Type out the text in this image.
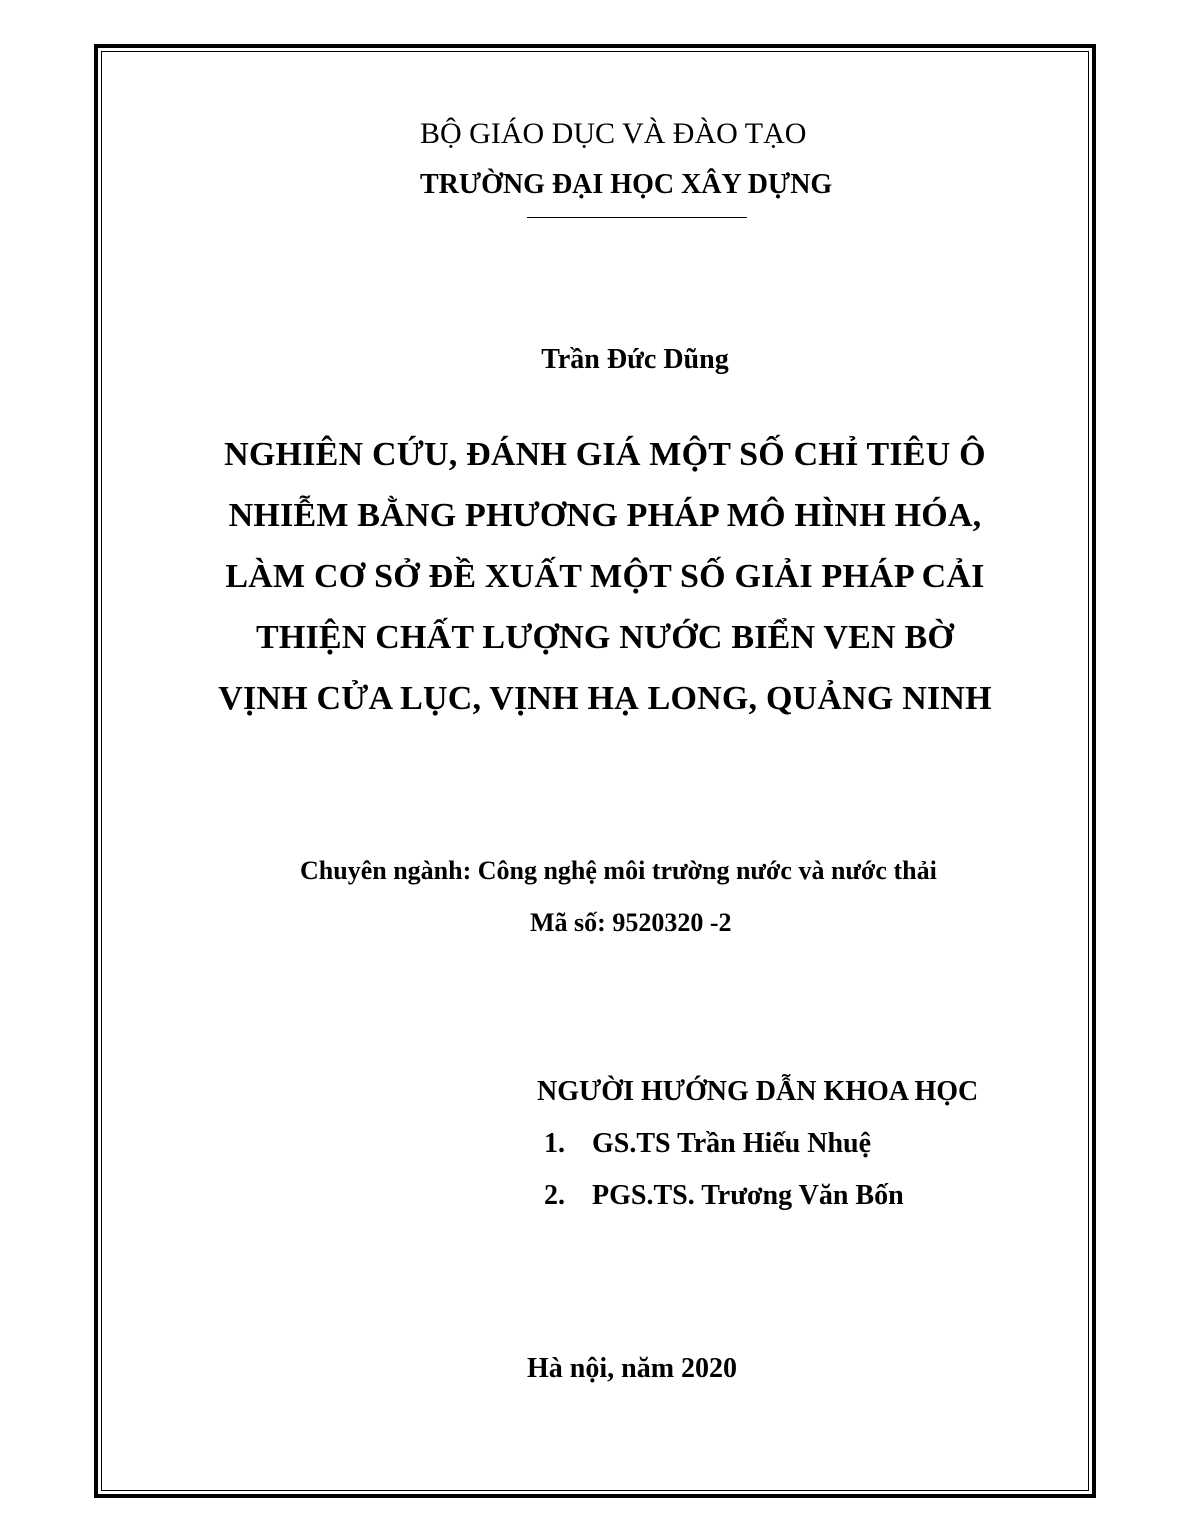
BỘ GIÁO DỤC VÀ ĐÀO TẠO
TRƯỜNG ĐẠI HỌC XÂY DỰNG
Trần Đức Dũng
NGHIÊN CỨU, ĐÁNH GIÁ MỘT SỐ CHỈ TIÊU Ô
NHIỄM BẰNG PHƯƠNG PHÁP MÔ HÌNH HÓA,
LÀM CƠ SỞ ĐỀ XUẤT MỘT SỐ GIẢI PHÁP CẢI
THIỆN CHẤT LƯỢNG NƯỚC BIỂN VEN BỜ
VỊNH CỬA LỤC, VỊNH HẠ LONG, QUẢNG NINH
Chuyên ngành: Công nghệ môi trường nước và nước thải
Mã số: 9520320 -2
NGƯỜI HƯỚNG DẪN KHOA HỌC
1. GS.TS Trần Hiếu Nhuệ
2. PGS.TS. Trương Văn Bốn
Hà nội, năm 2020
